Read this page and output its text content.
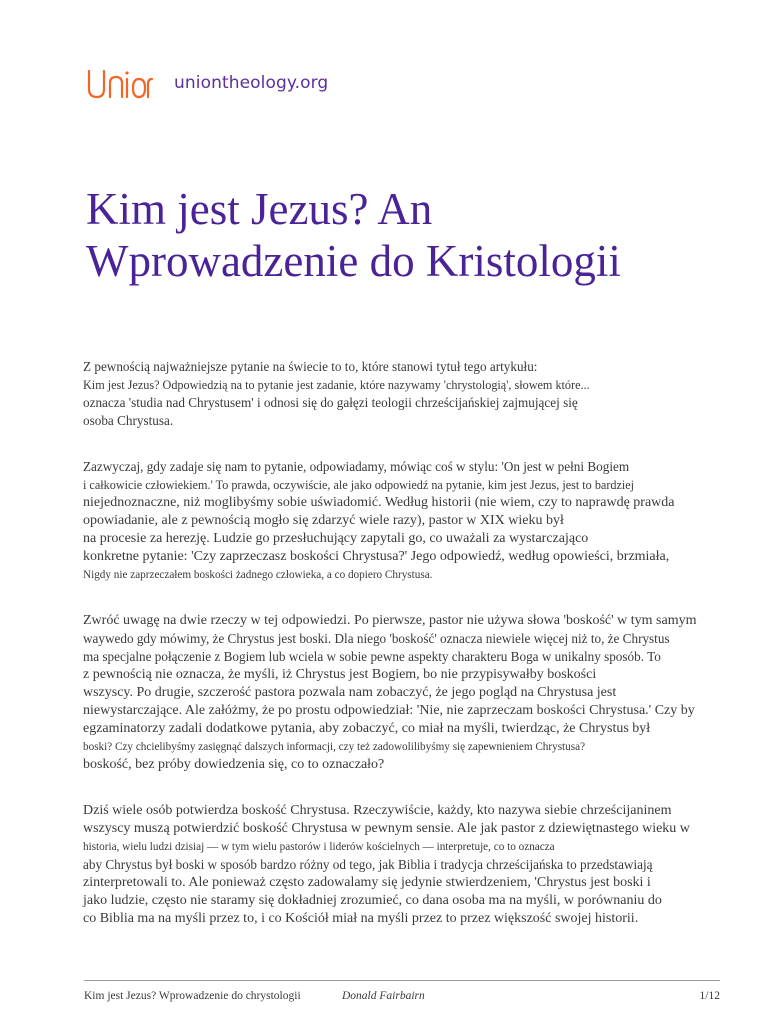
uniontheology.org
Kim jest Jezus? An
Wprowadzenie do Kristologii

Z pewnością najważniejsze pytanie na świecie to to, które stanowi tytuł tego artykułu:
Kim jest Jezus? Odpowiedzią na to pytanie jest zadanie, które nazywamy 'chrystologią', słowem które...
oznacza 'studia nad Chrystusem' i odnosi się do gałęzi teologii chrześcijańskiej zajmującej się
osoba Chrystusa.

Zazwyczaj, gdy zadaje się nam to pytanie, odpowiadamy, mówiąc coś w stylu: 'On jest w pełni Bogiem
i całkowicie człowiekiem.' To prawda, oczywiście, ale jako odpowiedź na pytanie, kim jest Jezus, jest to bardziej
niejednoznaczne, niż moglibyśmy sobie uświadomić. Według historii (nie wiem, czy to naprawdę prawda
opowiadanie, ale z pewnością mogło się zdarzyć wiele razy), pastor w XIX wieku był
na procesie za herezję. Ludzie go przesłuchujący zapytali go, co uważali za wystarczająco
konkretne pytanie: 'Czy zaprzeczasz boskości Chrystusa?' Jego odpowiedź, według opowieści, brzmiała,
Nigdy nie zaprzeczałem boskości żadnego człowieka, a co dopiero Chrystusa.

Zwróć uwagę na dwie rzeczy w tej odpowiedzi. Po pierwsze, pastor nie używa słowa 'boskość' w tym samym
waywedo gdy mówimy, że Chrystus jest boski. Dla niego 'boskość' oznacza niewiele więcej niż to, że Chrystus
ma specjalne połączenie z Bogiem lub wciela w sobie pewne aspekty charakteru Boga w unikalny sposób. To
z pewnością nie oznacza, że myśli, iż Chrystus jest Bogiem, bo nie przypisywałby boskości
wszyscy. Po drugie, szczerość pastora pozwala nam zobaczyć, że jego pogląd na Chrystusa jest
niewystarczające. Ale załóżmy, że po prostu odpowiedział: 'Nie, nie zaprzeczam boskości Chrystusa.' Czy by
egzaminatorzy zadali dodatkowe pytania, aby zobaczyć, co miał na myśli, twierdząc, że Chrystus był
boski? Czy chcielibyśmy zasięgnąć dalszych informacji, czy też zadowolilibyśmy się zapewnieniem Chrystusa?
boskość, bez próby dowiedzenia się, co to oznaczało?

Dziś wiele osób potwierdza boskość Chrystusa. Rzeczywiście, każdy, kto nazywa siebie chrześcijaninem
wszyscy muszą potwierdzić boskość Chrystusa w pewnym sensie. Ale jak pastor z dziewiętnastego wieku w
historia, wielu ludzi dzisiaj — w tym wielu pastorów i liderów kościelnych — interpretuje, co to oznacza
aby Chrystus był boski w sposób bardzo różny od tego, jak Biblia i tradycja chrześcijańska to przedstawiają
zinterpretowali to. Ale ponieważ często zadowalamy się jedynie stwierdzeniem, 'Chrystus jest boski i
jako ludzie, często nie staramy się dokładniej zrozumieć, co dana osoba ma na myśli, w porównaniu do
co Biblia ma na myśli przez to, i co Kościół miał na myśli przez to przez większość swojej historii.

Kim jest Jezus? Wprowadzenie do chrystologii	Donald Fairbairn	1/12
